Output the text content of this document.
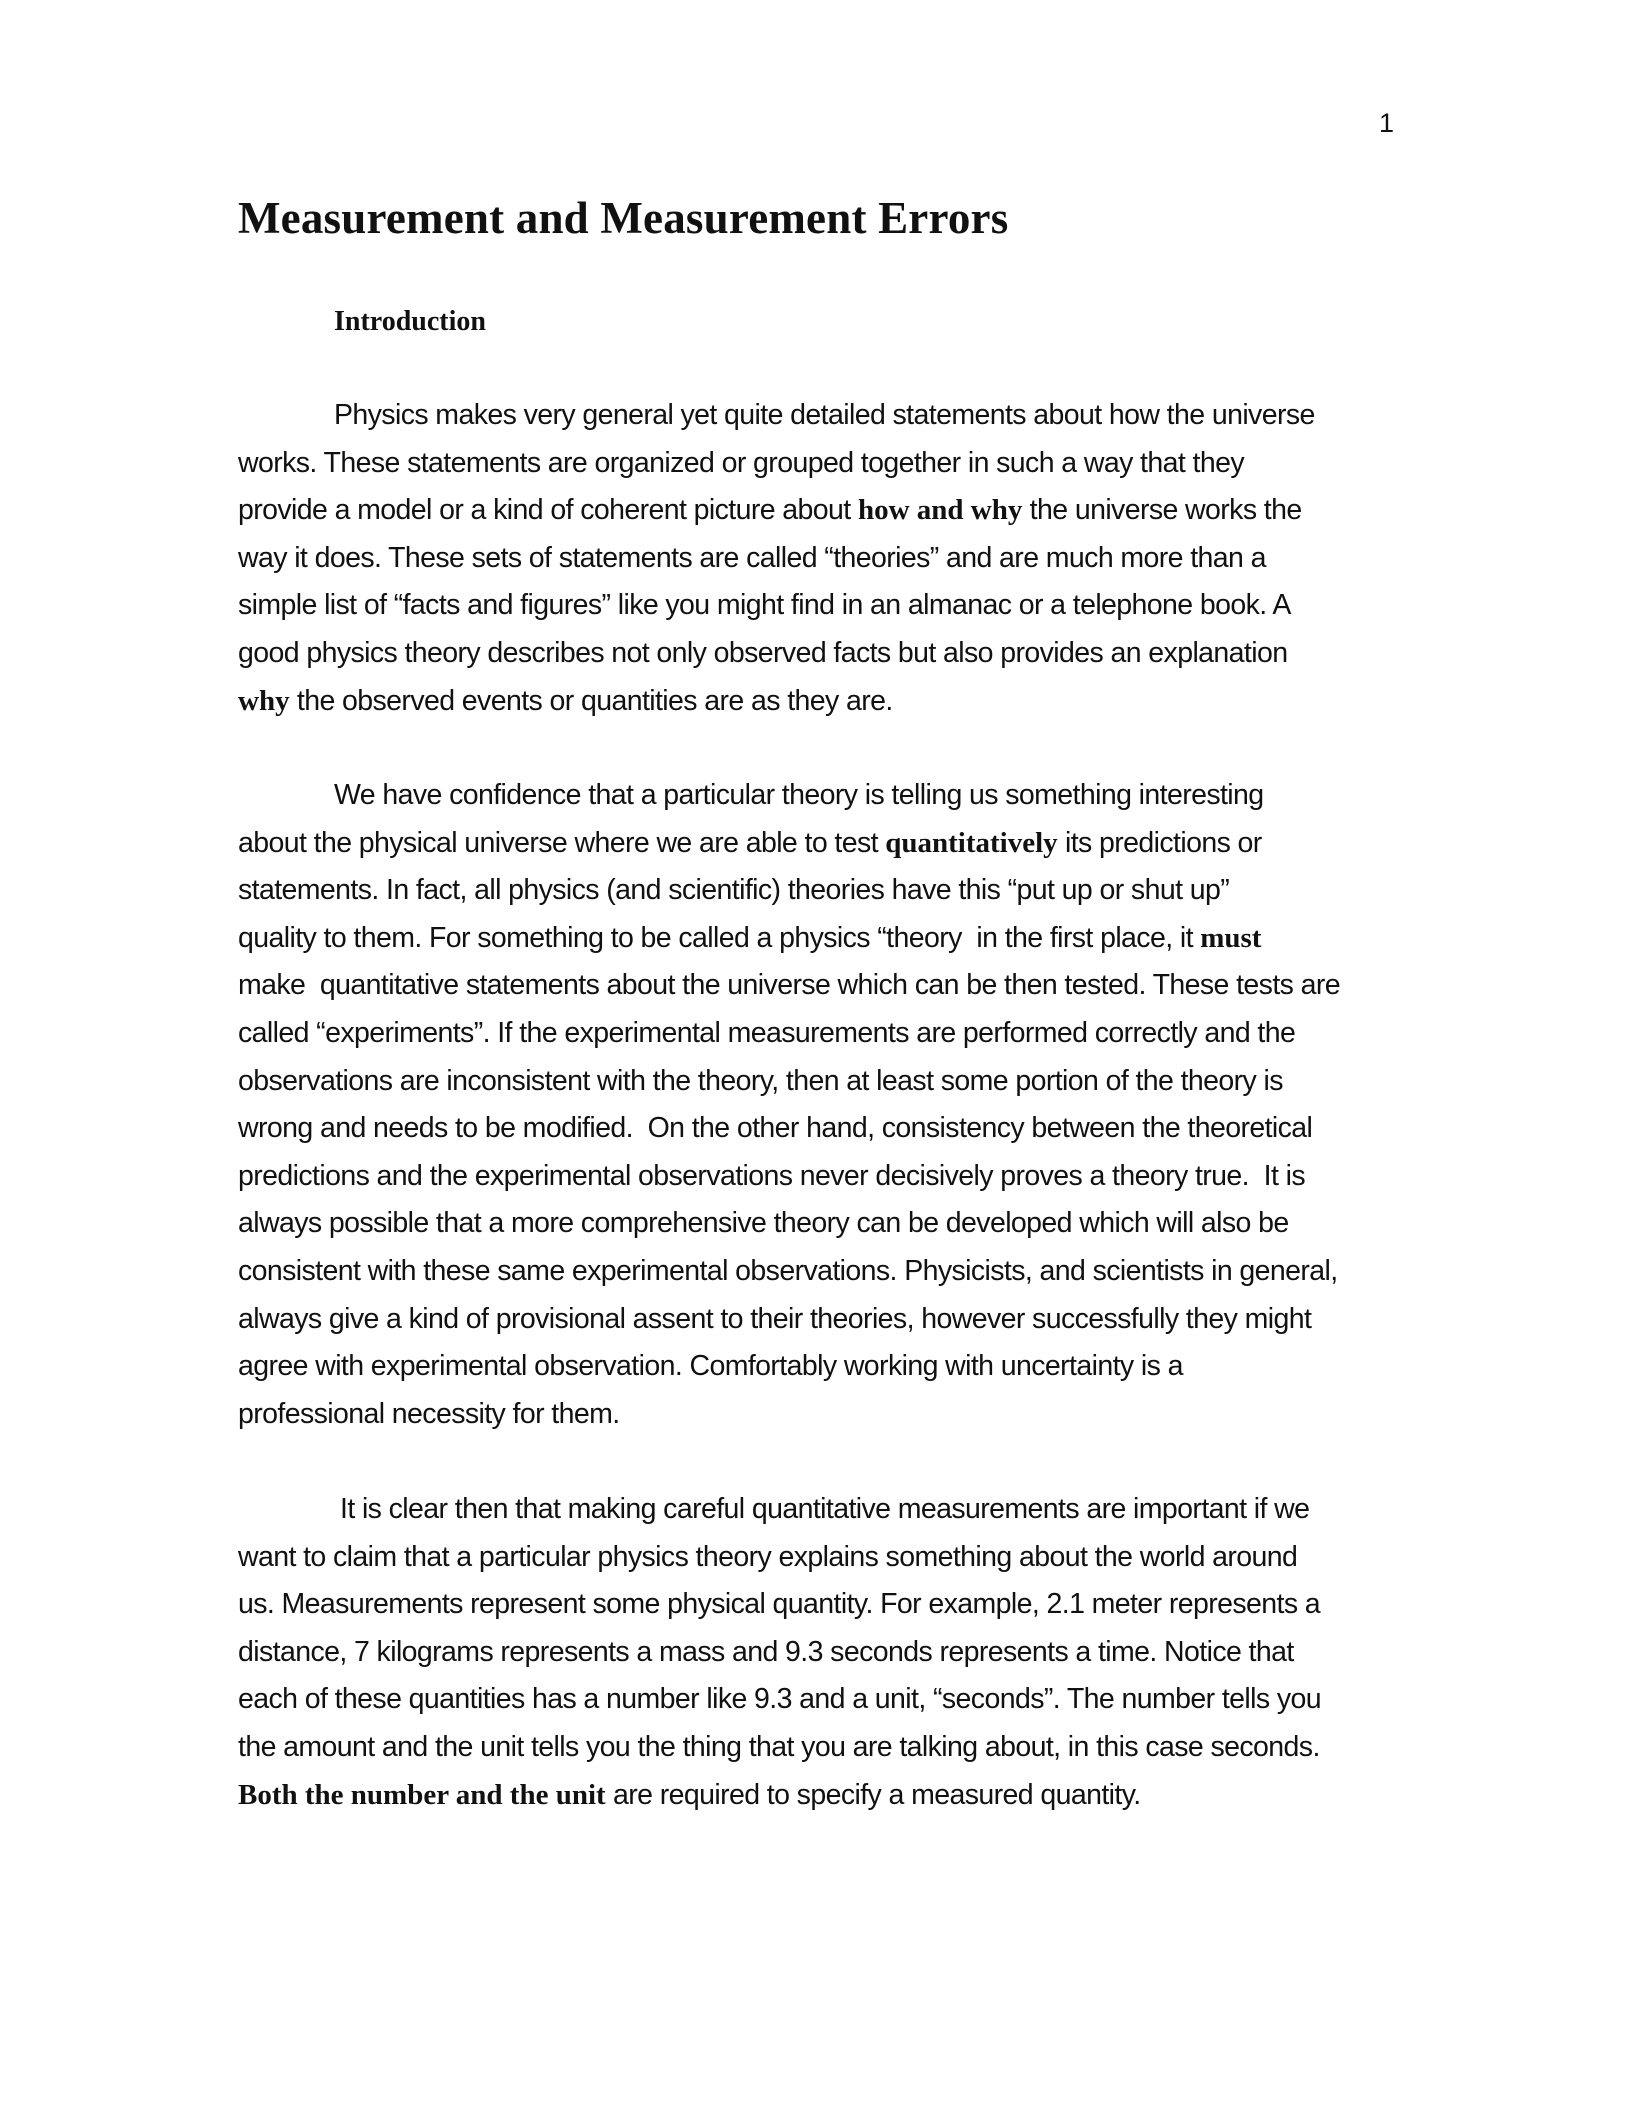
1
Measurement and Measurement Errors
Introduction
Physics makes very general yet quite detailed statements about how the universe
works. These statements are organized or grouped together in such a way that they
provide a model or a kind of coherent picture about how and why the universe works the
way it does. These sets of statements are called “theories” and are much more than a
simple list of “facts and figures” like you might find in an almanac or a telephone book. A
good physics theory describes not only observed facts but also provides an explanation
why the observed events or quantities are as they are.
We have confidence that a particular theory is telling us something interesting
about the physical universe where we are able to test quantitatively its predictions or
statements. In fact, all physics (and scientific) theories have this “put up or shut up”
quality to them. For something to be called a physics “theory  in the first place, it must
make  quantitative statements about the universe which can be then tested. These tests are
called “experiments”. If the experimental measurements are performed correctly and the
observations are inconsistent with the theory, then at least some portion of the theory is
wrong and needs to be modified.  On the other hand, consistency between the theoretical
predictions and the experimental observations never decisively proves a theory true.  It is
always possible that a more comprehensive theory can be developed which will also be
consistent with these same experimental observations. Physicists, and scientists in general,
always give a kind of provisional assent to their theories, however successfully they might
agree with experimental observation. Comfortably working with uncertainty is a
professional necessity for them.
It is clear then that making careful quantitative measurements are important if we
want to claim that a particular physics theory explains something about the world around
us. Measurements represent some physical quantity. For example, 2.1 meter represents a
distance, 7 kilograms represents a mass and 9.3 seconds represents a time. Notice that
each of these quantities has a number like 9.3 and a unit, “seconds”. The number tells you
the amount and the unit tells you the thing that you are talking about, in this case seconds.
Both the number and the unit are required to specify a measured quantity.
